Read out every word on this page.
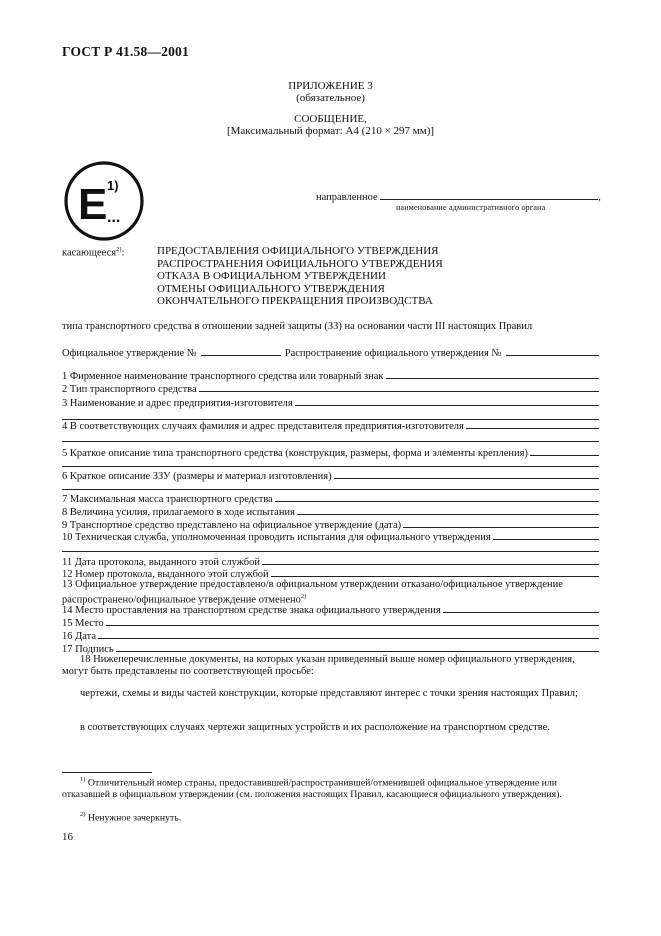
ГОСТ Р 41.58—2001
ПРИЛОЖЕНИЕ 3
(обязательное)
СООБЩЕНИЕ,
[Максимальный формат: А4 (210 × 297 мм)]
E ...
1)
направленное	,
наименование административного органа
касающееся$^{2)}$:	ПРЕДОСТАВЛЕНИЯ ОФИЦИАЛЬНОГО УТВЕРЖДЕНИЯ
РАСПРОСТРАНЕНИЯ ОФИЦИАЛЬНОГО УТВЕРЖДЕНИЯ
ОТКАЗА В ОФИЦИАЛЬНОМ УТВЕРЖДЕНИИ
ОТМЕНЫ ОФИЦИАЛЬНОГО УТВЕРЖДЕНИЯ
ОКОНЧАТЕЛЬНОГО ПРЕКРАЩЕНИЯ ПРОИЗВОДСТВА
типа транспортного средства в отношении задней защиты (ЗЗ) на основании части III настоящих Правил
Официальное утверждение №	Распространение официального утверждения №
1 Фирменное наименование транспортного средства или товарный знак
2 Тип транспортного средства
3 Наименование и адрес предприятия-изготовителя
4 В соответствующих случаях фамилия и адрес представителя предприятия-изготовителя
5 Краткое описание типа транспортного средства (конструкция, размеры, форма и элементы крепления)
6 Краткое описание ЗЗУ (размеры и материал изготовления)
7 Максимальная масса транспортного средства
8 Величина усилия, прилагаемого в ходе испытания
9 Транспортное средство представлено на официальное утверждение (дата)
10 Техническая служба, уполномоченная проводить испытания для официального утверждения
11 Дата протокола, выданного этой службой
12 Номер протокола, выданного этой службой
13 Официальное утверждение предоставлено/в официальном утверждении отказано/официальное утверждение распространено/официальное утверждение отменено$^{2)}$
14 Место проставления на транспортном средстве знака официального утверждения
15 Место
16 Дата
17 Подпись
18 Нижеперечисленные документы, на которых указан приведенный выше номер официального утверждения, могут быть представлены по соответствующей просьбе:
чертежи, схемы и виды частей конструкции, которые представляют интерес с точки зрения настоящих Правил;
в соответствующих случаях чертежи защитных устройств и их расположение на транспортном средстве.
$^{1)}$ Отличительный номер страны, предоставившей/распространившей/отменившей официальное утверждение или отказавшей в официальном утверждении (см. положения настоящих Правил, касающиеся официального утверждения).
$^{2)}$ Ненужное зачеркнуть.
16
